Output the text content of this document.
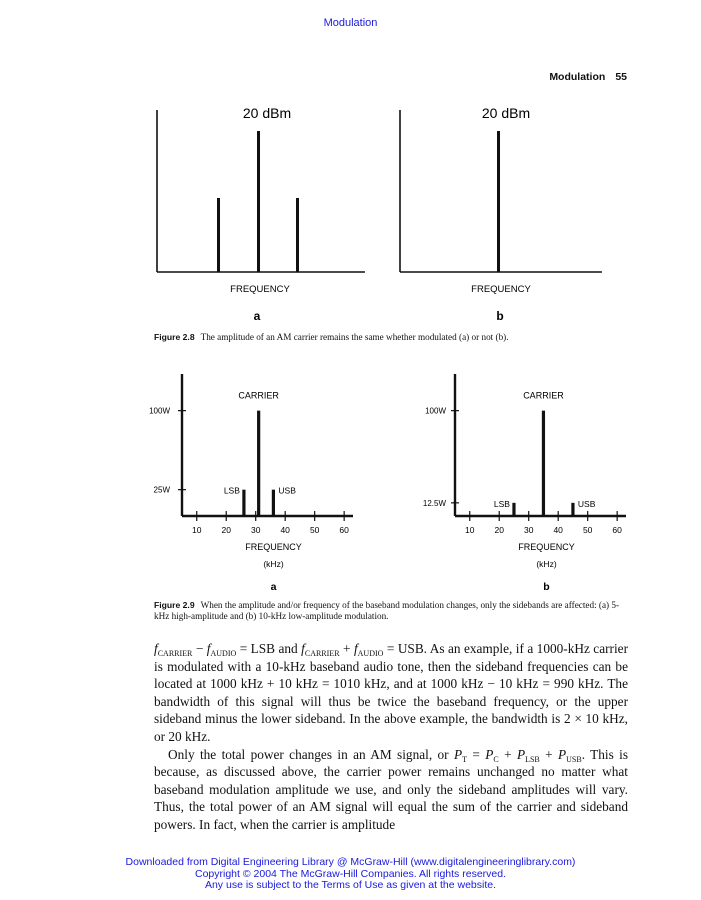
Modulation
Modulation 55
20 dBm
FREQUENCY
a
20 dBm
FREQUENCY
b
Figure 2.8 The amplitude of an AM carrier remains the same whether modulated (a) or not (b).
100W
25W
10 20 30 40 50 60
LSB
CARRIER
USB
FREQUENCY
(kHz)
a
100W
12.5W
10 20 30 40 50 60
LSB
CARRIER
USB
FREQUENCY
(kHz)
b
Figure 2.9 When the amplitude and/or frequency of the baseband modulation changes, only the sidebands are affected: (a) 5-kHz high-amplitude and (b) 10-kHz low-amplitude modulation.

$f_{CARRIER} - f_{AUDIO}$ = LSB and $f_{CARRIER} + f_{AUDIO}$ = USB. As an example, if a 1000-kHz carrier is modulated with a 10-kHz baseband audio tone, then the sideband frequencies can be located at 1000 kHz + 10 kHz = 1010 kHz, and at 1000 kHz − 10 kHz = 990 kHz. The bandwidth of this signal will thus be twice the baseband frequency, or the upper sideband minus the lower sideband. In the above example, the bandwidth is 2 × 10 kHz, or 20 kHz.

Only the total power changes in an AM signal, or $P_T = P_C + P_{LSB} + P_{USB}$. This is because, as discussed above, the carrier power remains unchanged no matter what baseband modulation amplitude we use, and only the sideband amplitudes will vary. Thus, the total power of an AM signal will equal the sum of the carrier and sideband powers. In fact, when the carrier is amplitude

Downloaded from Digital Engineering Library @ McGraw-Hill (www.digitalengineeringlibrary.com)
Copyright © 2004 The McGraw-Hill Companies. All rights reserved.
Any use is subject to the Terms of Use as given at the website.
